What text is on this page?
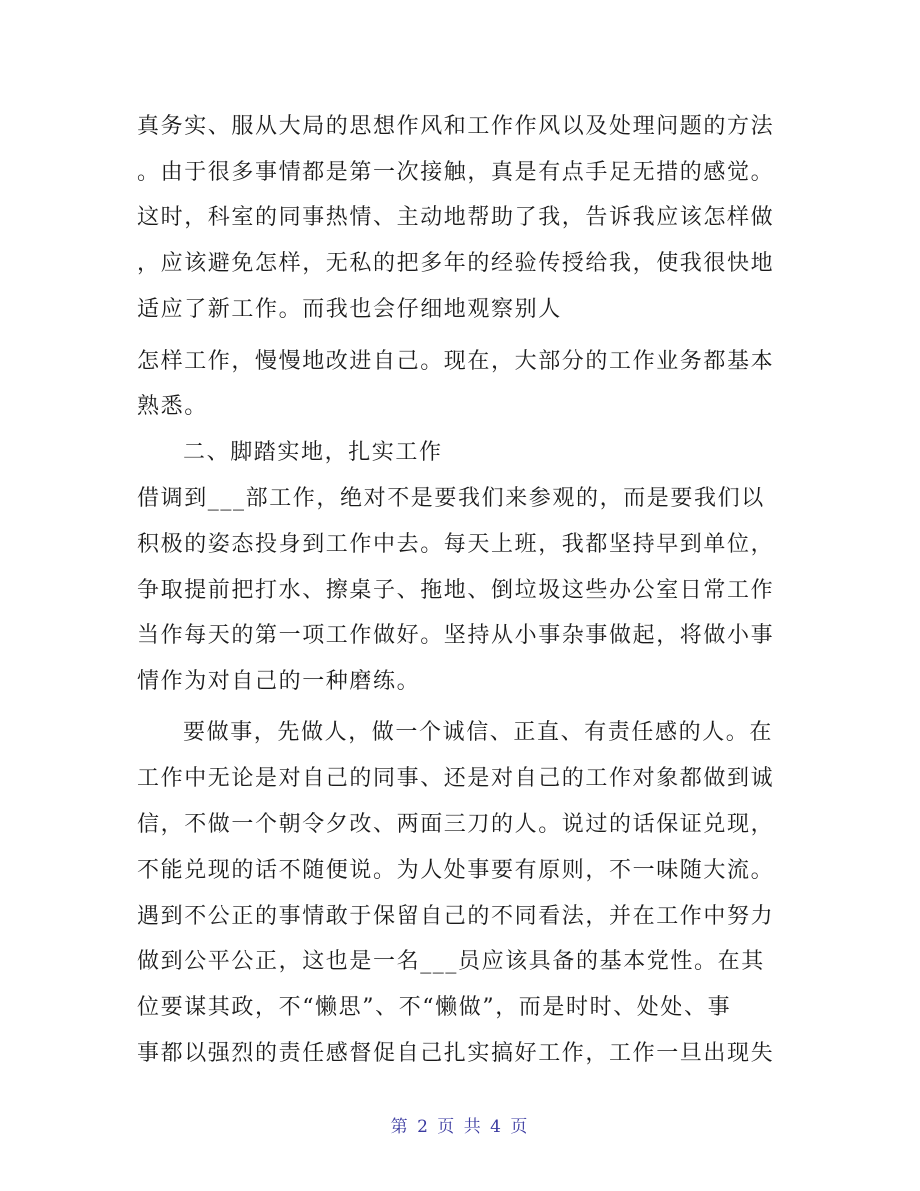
真务实、服从大局的思想作风和工作作风以及处理问题的方法
。由于很多事情都是第一次接触，真是有点手足无措的感觉。
这时，科室的同事热情、主动地帮助了我，告诉我应该怎样做
，应该避免怎样，无私的把多年的经验传授给我，使我很快地
适应了新工作。而我也会仔细地观察别人
怎样工作，慢慢地改进自己。现在，大部分的工作业务都基本
熟悉。
二、脚踏实地，扎实工作
借调到___部工作，绝对不是要我们来参观的，而是要我们以
积极的姿态投身到工作中去。每天上班，我都坚持早到单位，
争取提前把打水、擦桌子、拖地、倒垃圾这些办公室日常工作
当作每天的第一项工作做好。坚持从小事杂事做起，将做小事
情作为对自己的一种磨练。
要做事，先做人，做一个诚信、正直、有责任感的人。在
工作中无论是对自己的同事、还是对自己的工作对象都做到诚
信，不做一个朝令夕改、两面三刀的人。说过的话保证兑现，
不能兑现的话不随便说。为人处事要有原则，不一味随大流。
遇到不公正的事情敢于保留自己的不同看法，并在工作中努力
做到公平公正，这也是一名___员应该具备的基本党性。在其
位要谋其政，不“懒思”、不“懒做”，而是时时、处处、事
事都以强烈的责任感督促自己扎实搞好工作，工作一旦出现失
第 2 页 共 4 页
